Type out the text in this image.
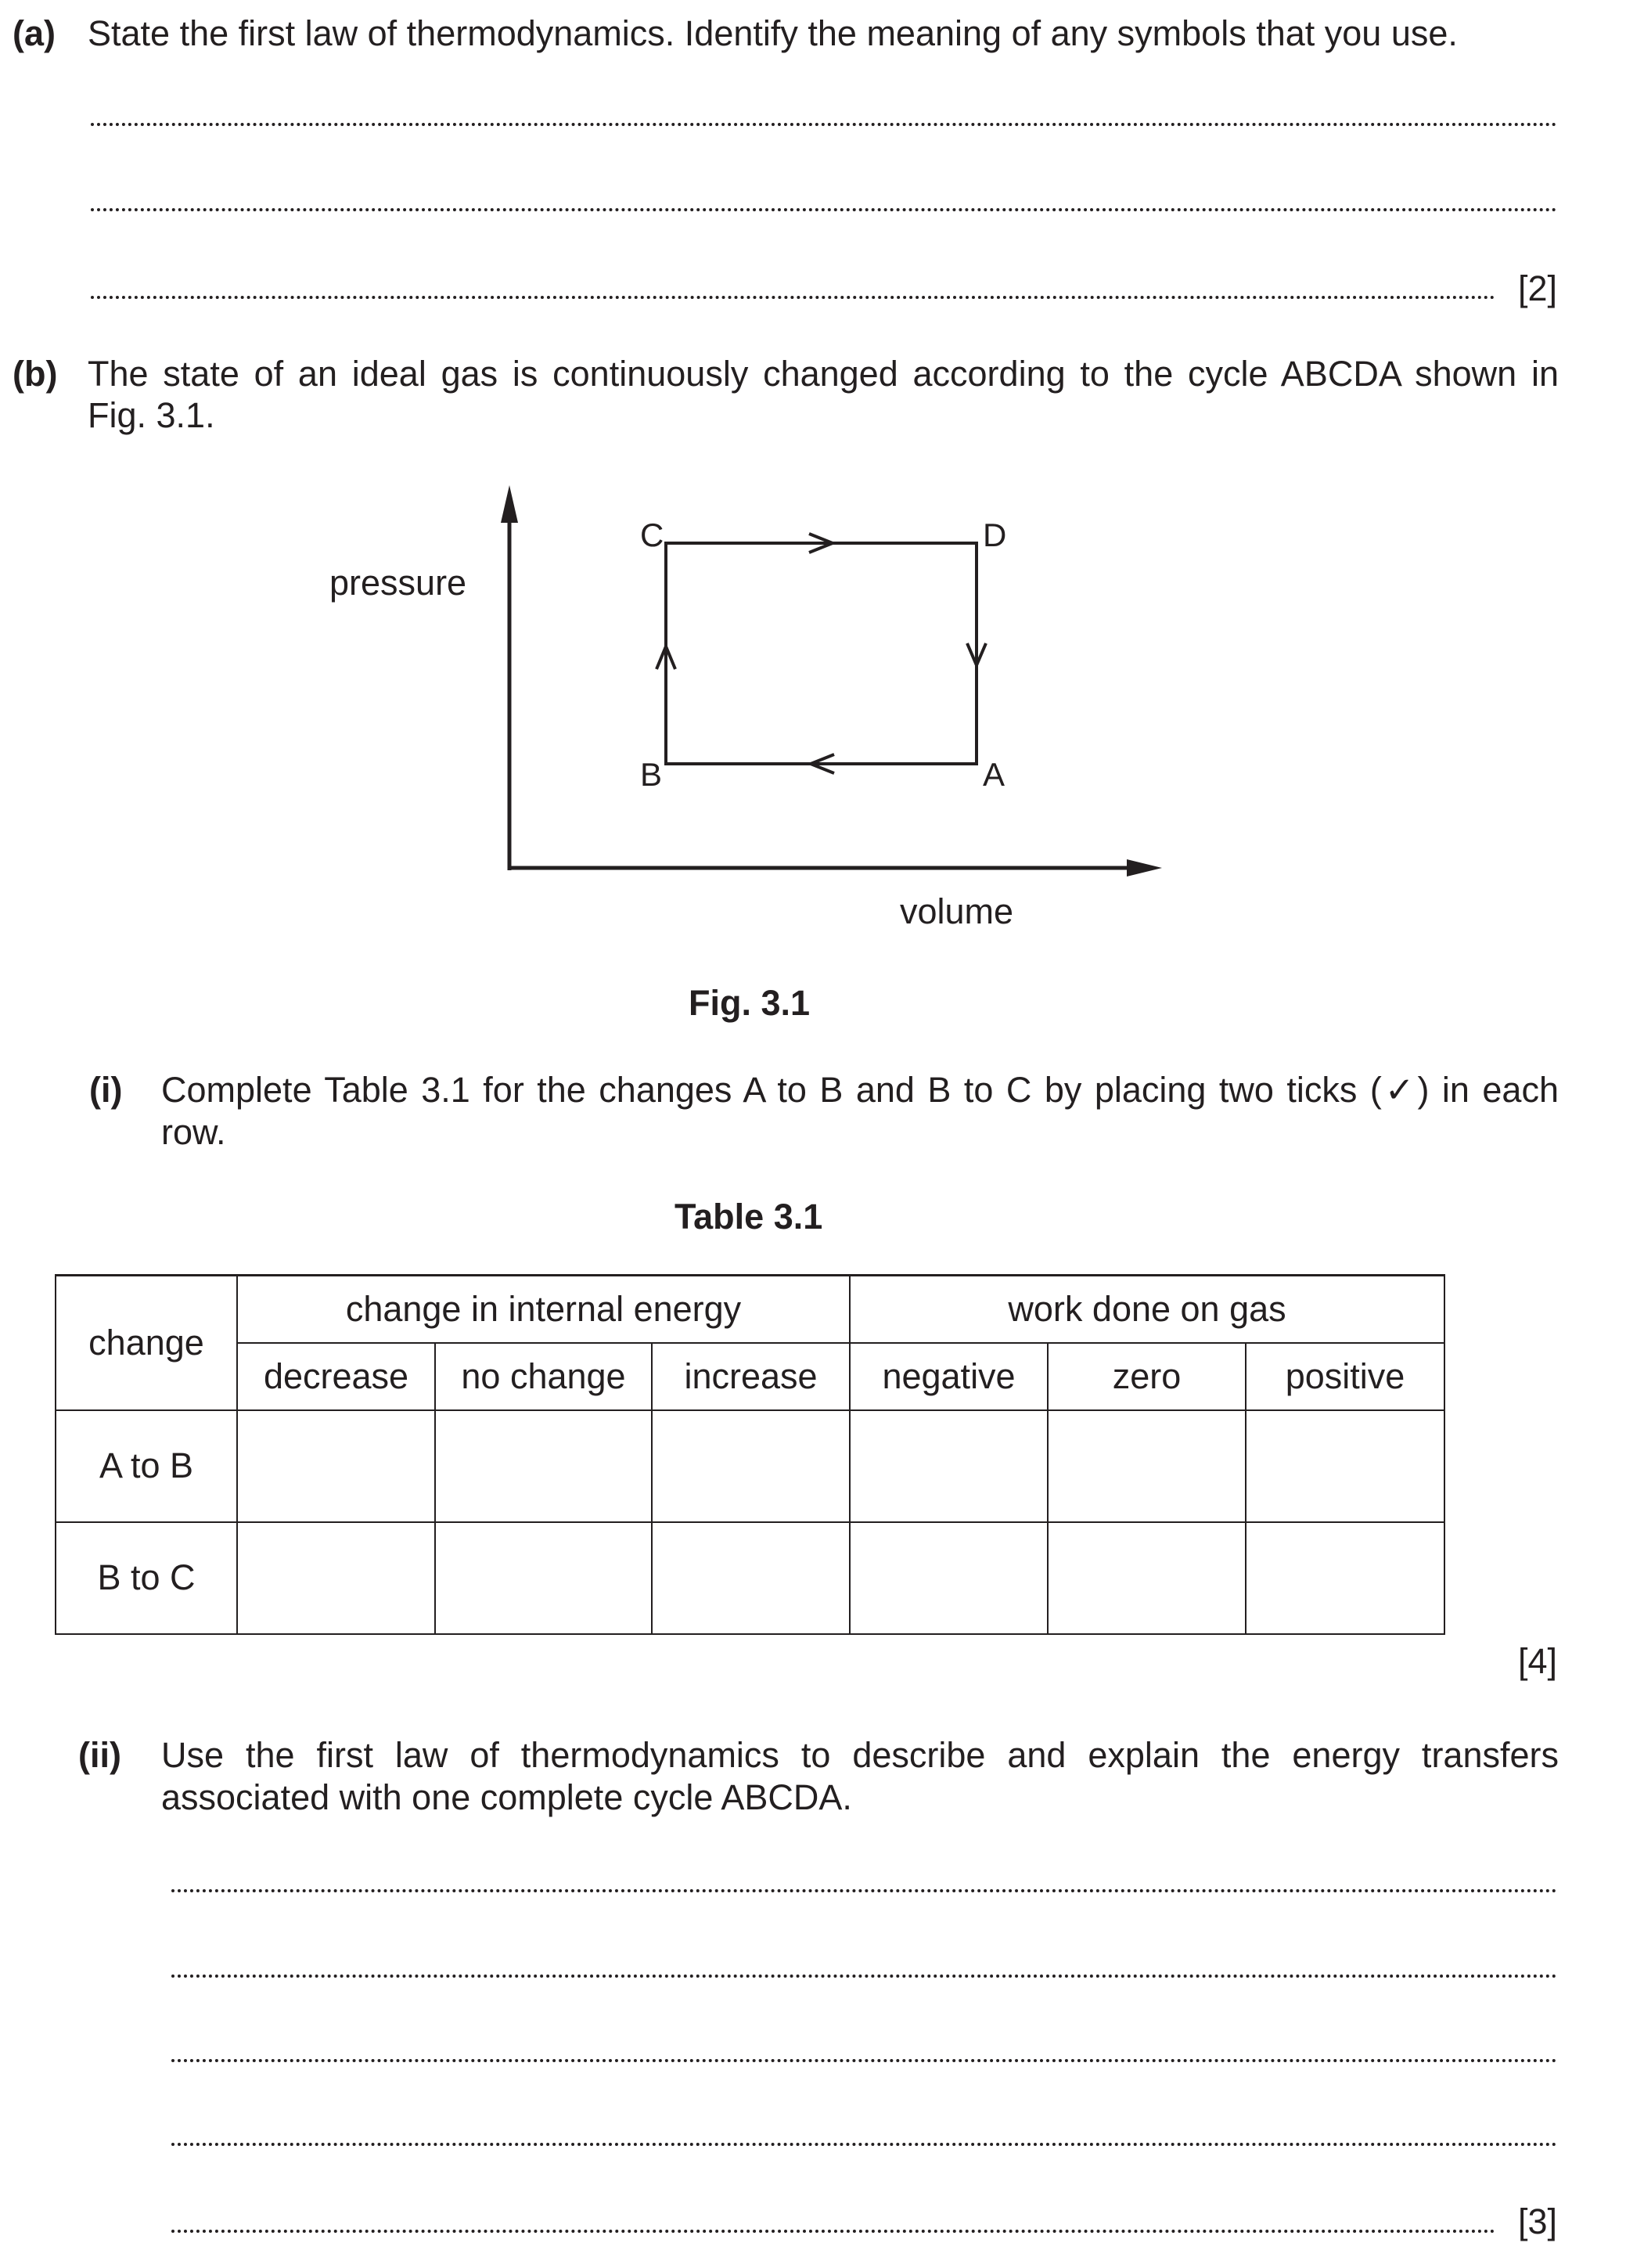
(a) State the first law of thermodynamics. Identify the meaning of any symbols that you use.
[2]
(b) The state of an ideal gas is continuously changed according to the cycle ABCDA shown in
Fig. 3.1.
C	D
B	A
pressure
volume
Fig. 3.1
(i) Complete Table 3.1 for the changes A to B and B to C by placing two ticks (✓) in each
row.
Table 3.1
change	change in internal energy			work done on gas		
	decrease	no change	increase	negative	zero	positive
A to B						
B to C						
[4]
(ii) Use the first law of thermodynamics to describe and explain the energy transfers
associated with one complete cycle ABCDA.
[3]
